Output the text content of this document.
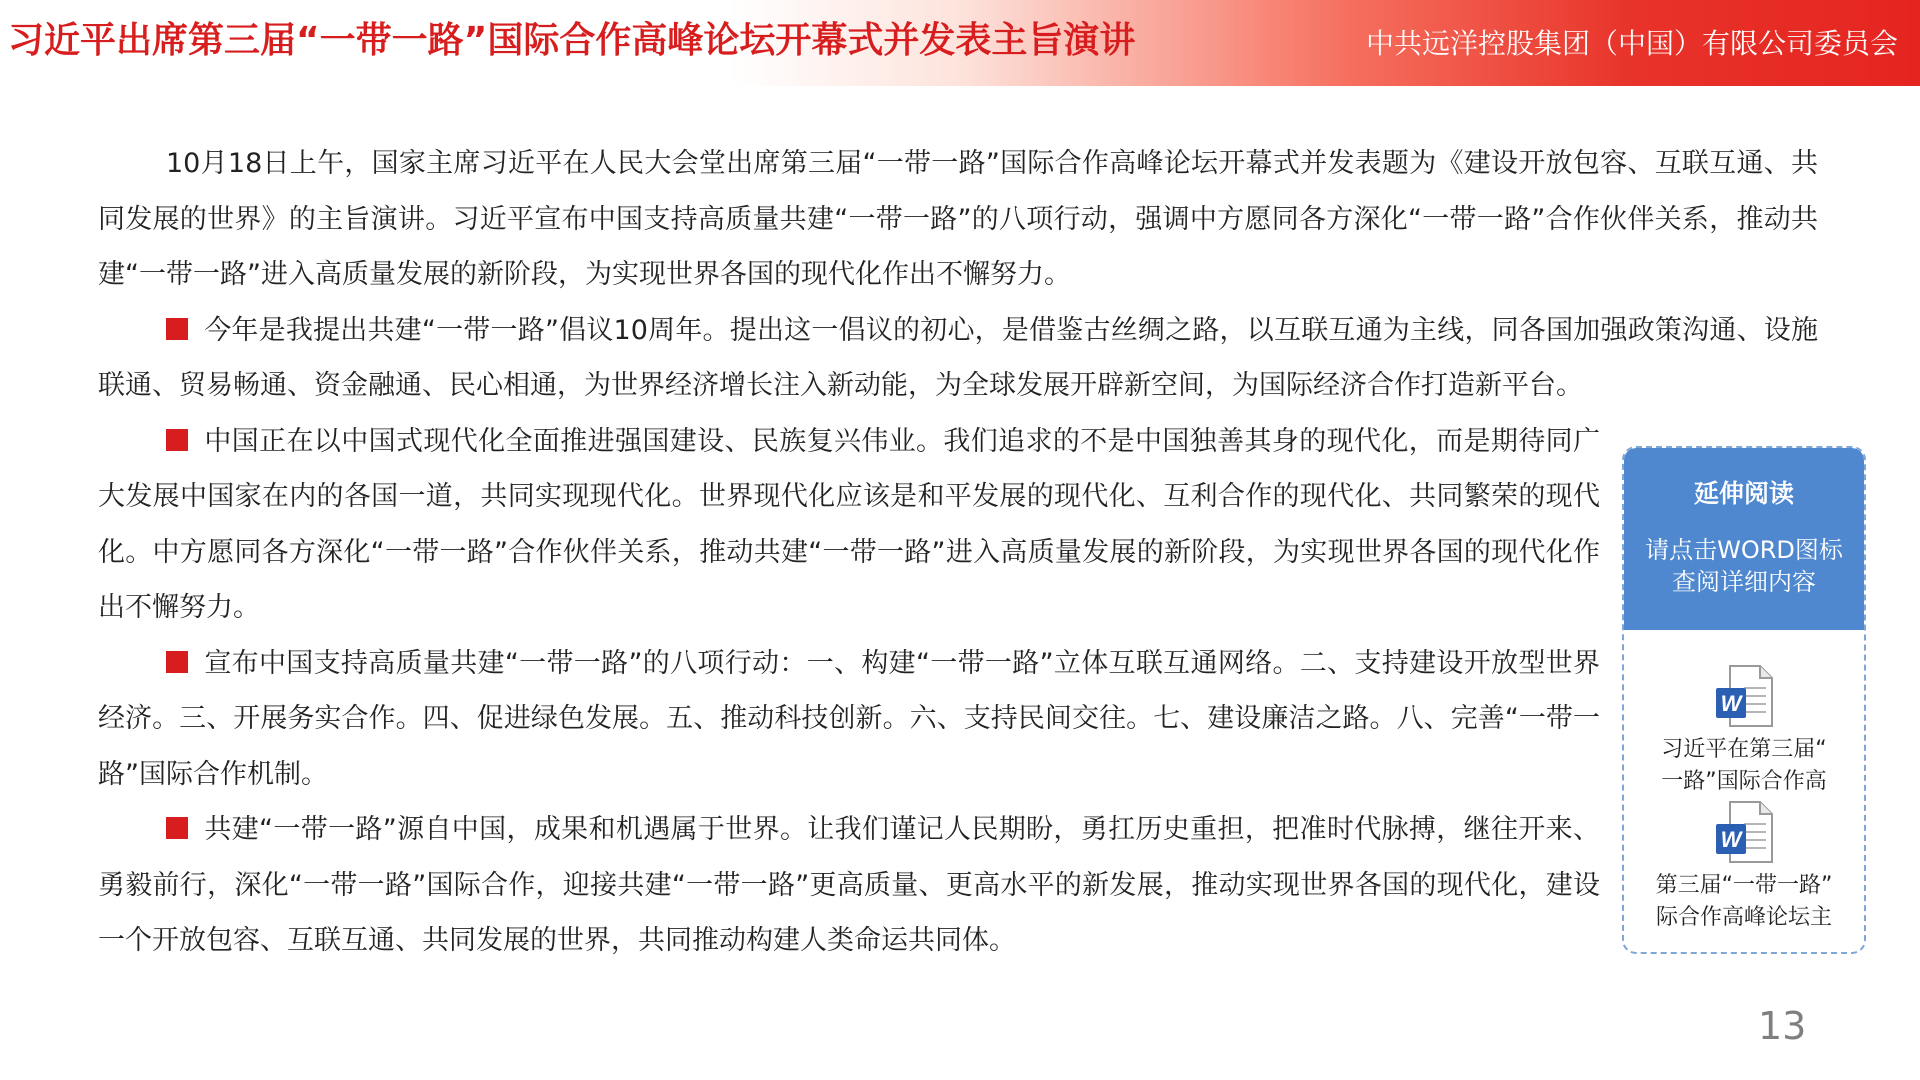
习近平出席第三届“一带一路”国际合作高峰论坛开幕式并发表主旨演讲	中共远洋控股集团（中国）有限公司委员会

10月18日上午，国家主席习近平在人民大会堂出席第三届“一带一路”国际合作高峰论坛开幕式并发表题为《建设开放包容、互联互通、共同发展的世界》的主旨演讲。习近平宣布中国支持高质量共建“一带一路”的八项行动，强调中方愿同各方深化“一带一路”合作伙伴关系，推动共建“一带一路”进入高质量发展的新阶段，为实现世界各国的现代化作出不懈努力。

今年是我提出共建“一带一路”倡议10周年。提出这一倡议的初心，是借鉴古丝绸之路，以互联互通为主线，同各国加强政策沟通、设施联通、贸易畅通、资金融通、民心相通，为世界经济增长注入新动能，为全球发展开辟新空间，为国际经济合作打造新平台。

中国正在以中国式现代化全面推进强国建设、民族复兴伟业。我们追求的不是中国独善其身的现代化，而是期待同广大发展中国家在内的各国一道，共同实现现代化。世界现代化应该是和平发展的现代化、互利合作的现代化、共同繁荣的现代化。中方愿同各方深化“一带一路”合作伙伴关系，推动共建“一带一路”进入高质量发展的新阶段，为实现世界各国的现代化作出不懈努力。

宣布中国支持高质量共建“一带一路”的八项行动：一、构建“一带一路”立体互联互通网络。二、支持建设开放型世界经济。三、开展务实合作。四、促进绿色发展。五、推动科技创新。六、支持民间交往。七、建设廉洁之路。八、完善“一带一路”国际合作机制。

共建“一带一路”源自中国，成果和机遇属于世界。让我们谨记人民期盼，勇扛历史重担，把准时代脉搏，继往开来、勇毅前行，深化“一带一路”国际合作，迎接共建“一带一路”更高质量、更高水平的新发展，推动实现世界各国的现代化，建设一个开放包容、互联互通、共同发展的世界，共同推动构建人类命运共同体。

延伸阅读
请点击WORD图标查阅详细内容
W
习近平在第三届“
一路”国际合作高
W
第三届“一带一路”
际合作高峰论坛主
13
